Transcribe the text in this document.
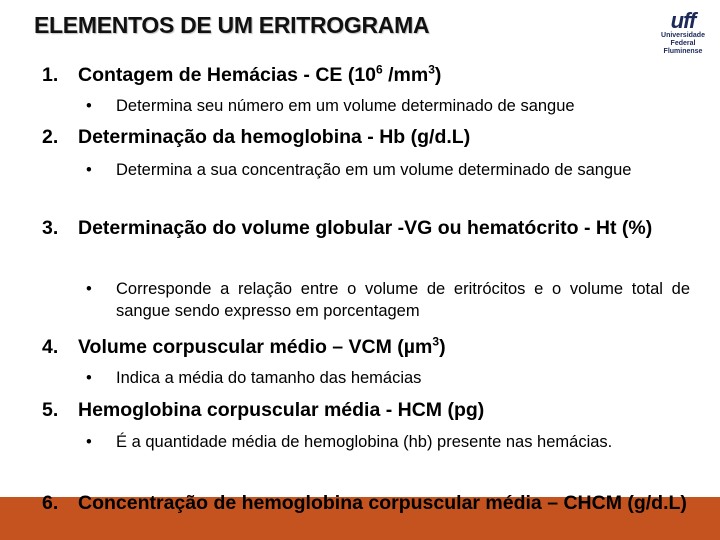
ELEMENTOS DE UM ERITROGRAMA	uff
Universidade
Federal
Fluminense
1. Contagem de Hemácias - CE ($10^6$ $/mm^3$)
• Determina seu número em um volume determinado de sangue
2. Determinação da hemoglobina - Hb (g/d.L)
• Determina a sua concentração em um volume determinado de sangue
3. Determinação do volume globular -VG ou hematócrito - Ht (%)
• Corresponde a relação entre o volume de eritrócitos e o volume total de sangue sendo expresso em porcentagem
4. Volume corpuscular médio – VCM (µm$^3$)
• Indica a média do tamanho das hemácias
5. Hemoglobina corpuscular média - HCM (pg)
• É a quantidade média de hemoglobina (hb) presente nas hemácias.
6. Concentração de hemoglobina corpuscular média – CHCM (g/d.L)
